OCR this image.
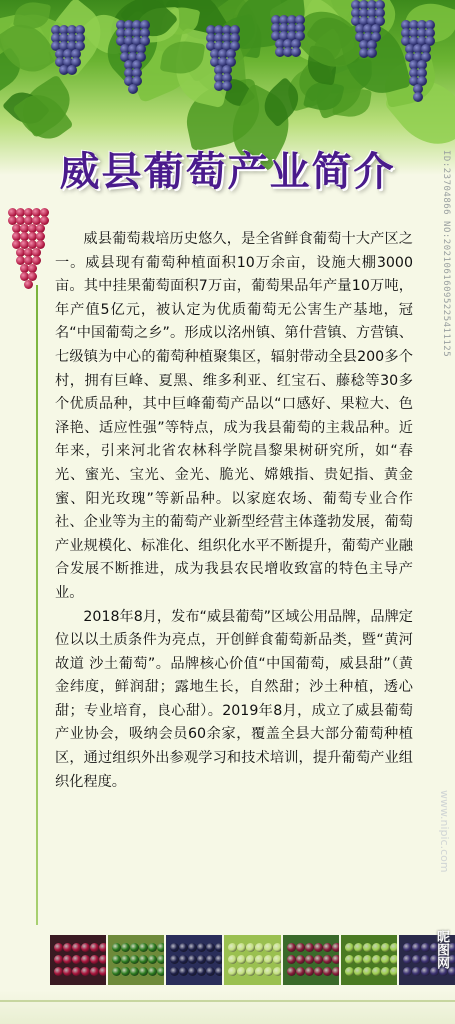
威县葡萄产业简介	ID:23704866 NO:20210616095225411125

威县葡萄栽培历史悠久，是全省鲜食葡萄十大产区之一。威县现有葡萄种植面积10万余亩，设施大棚3000亩。其中挂果葡萄面积7万亩，葡萄果品年产量10万吨，年产值5亿元，被认定为优质葡萄无公害生产基地，冠名“中国葡萄之乡”。形成以洺州镇、第什营镇、方营镇、七级镇为中心的葡萄种植聚集区，辐射带动全县200多个村，拥有巨峰、夏黑、维多利亚、红宝石、藤稔等30多个优质品种，其中巨峰葡萄产品以“口感好、果粒大、色泽艳、适应性强”等特点，成为我县葡萄的主栽品种。近年来，引来河北省农林科学院昌黎果树研究所，如“春光、蜜光、宝光、金光、脆光、嫦娥指、贵妃指、黄金蜜、阳光玫瑰”等新品种。以家庭农场、葡萄专业合作社、企业等为主的葡萄产业新型经营主体蓬勃发展，葡萄产业规模化、标准化、组织化水平不断提升，葡萄产业融合发展不断推进，成为我县农民增收致富的特色主导产业。

2018年8月，发布“威县葡萄”区域公用品牌，品牌定位以以土质条件为亮点，开创鲜食葡萄新品类，暨“黄河故道 沙土葡萄”。品牌核心价值“中国葡萄，威县甜”（黄金纬度，鲜润甜；露地生长，自然甜；沙土种植，透心甜；专业培育，良心甜）。2019年8月，成立了威县葡萄产业协会，吸纳会员60余家，覆盖全县大部分葡萄种植区，通过组织外出参观学习和技术培训，提升葡萄产业组织化程度。

www.nipic.com
昵图网
